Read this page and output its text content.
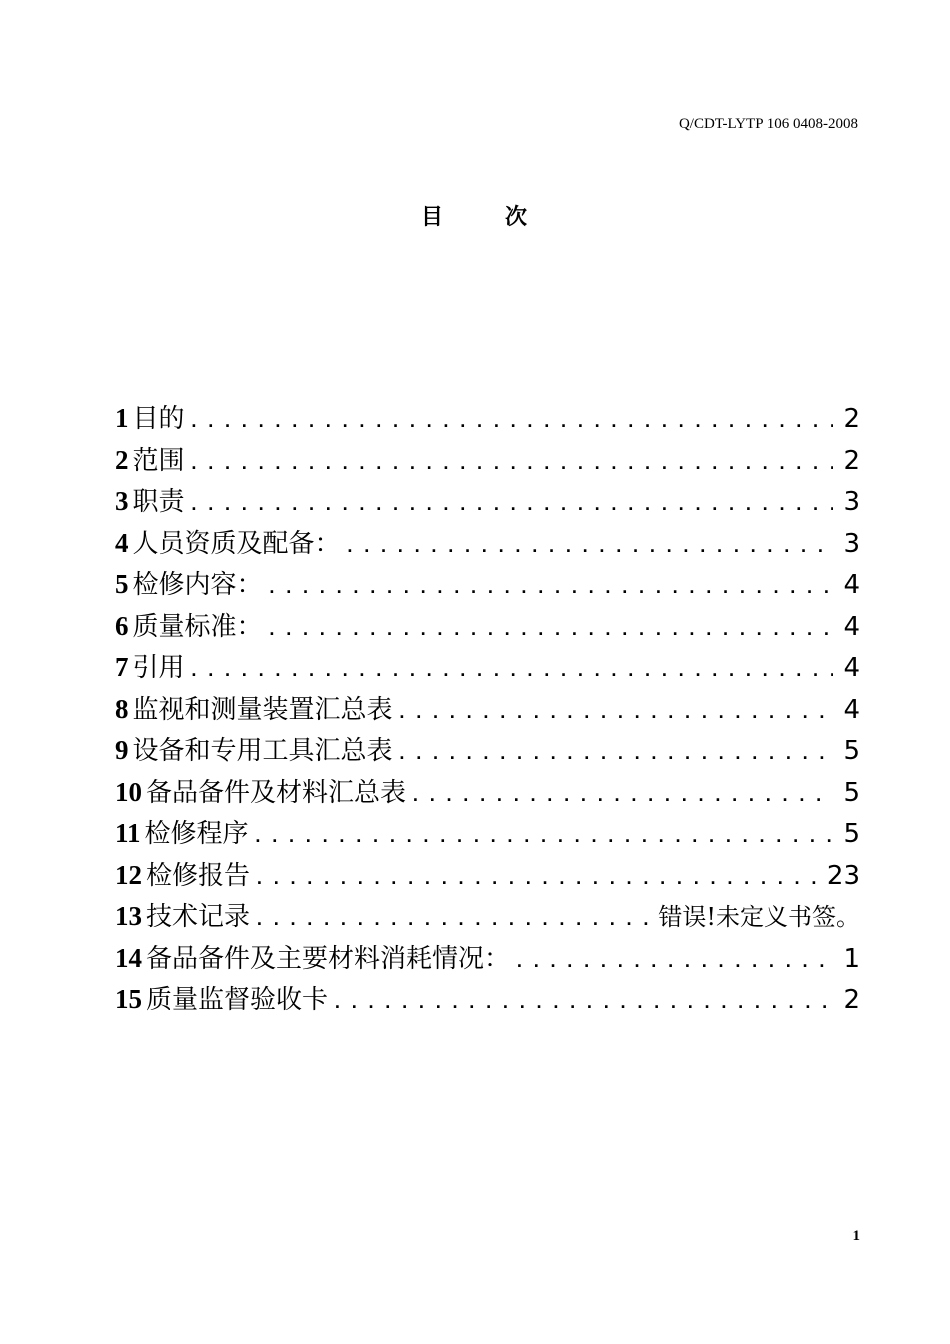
Q/CDT-LYTP 106 0408-2008
目次
1 目的 .....	2
2 范围 .....	2
3 职责 .....	3
4 人员资质及配备： .....	3
5 检修内容： .....	4
6 质量标准： .....	4
7 引用 .....	4
8 监视和测量装置汇总表 .....	4
9 设备和专用工具汇总表 .....	5
10 备品备件及材料汇总表 .....	5
11 检修程序 .....	5
12 检修报告 .....	23
13 技术记录 .....	错误!未定义书签。
14 备品备件及主要材料消耗情况： .....	1
15 质量监督验收卡 .....	2
1
